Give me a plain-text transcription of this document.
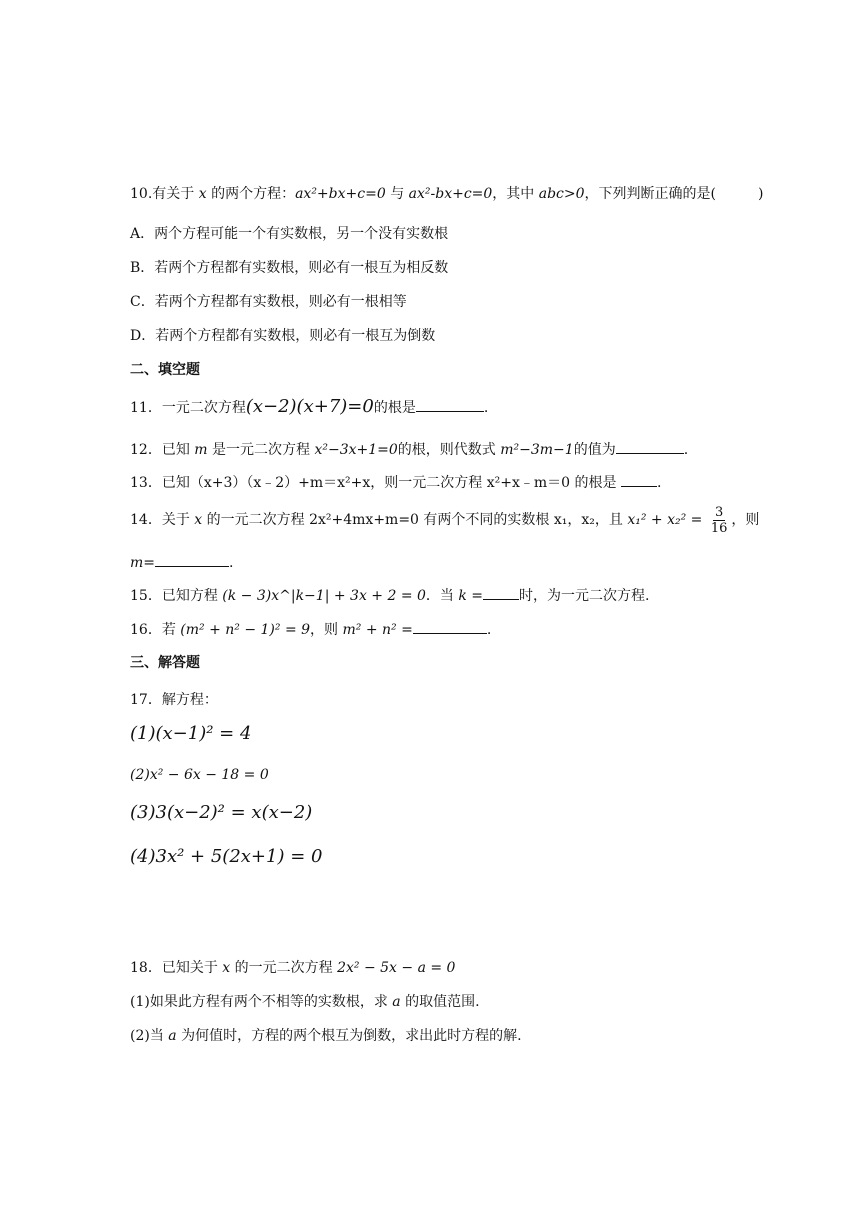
10.有关于 x 的两个方程：ax²+bx+c=0 与 ax²-bx+c=0，其中 abc>0，下列判断正确的是(　　　)
A．两个方程可能一个有实数根，另一个没有实数根
B．若两个方程都有实数根，则必有一根互为相反数
C．若两个方程都有实数根，则必有一根相等
D．若两个方程都有实数根，则必有一根互为倒数
二、填空题
11．一元二次方程(x−2)(x+7)=0的根是	.
12．已知 m 是一元二次方程 x²−3x+1=0的根，则代数式 m²−3m−1的值为	.
13．已知（x+3）（x﹣2）+m＝x²+x，则一元二次方程 x²+x﹣m＝0 的根是	.
14．关于 x 的一元二次方程 2x²+4mx+m=0 有两个不同的实数根 x₁，x₂，且 $x_1^2 + x_2^2 = \frac{3}{16}$ ，则
m=	.
15．已知方程 (k − 3)x^|k−1| + 3x + 2 = 0．当 k =	时，为一元二次方程.
16．若 (m² + n² − 1)² = 9，则 m² + n² =	.
三、解答题
17．解方程：
(1)(x−1)² = 4
(2)x² − 6x − 18 = 0
(3)3(x−2)² = x(x−2)
(4)3x² + 5(2x+1) = 0
18．已知关于 x 的一元二次方程 2x² − 5x − a = 0
(1)如果此方程有两个不相等的实数根，求 a 的取值范围.
(2)当 a 为何值时，方程的两个根互为倒数，求出此时方程的解.
